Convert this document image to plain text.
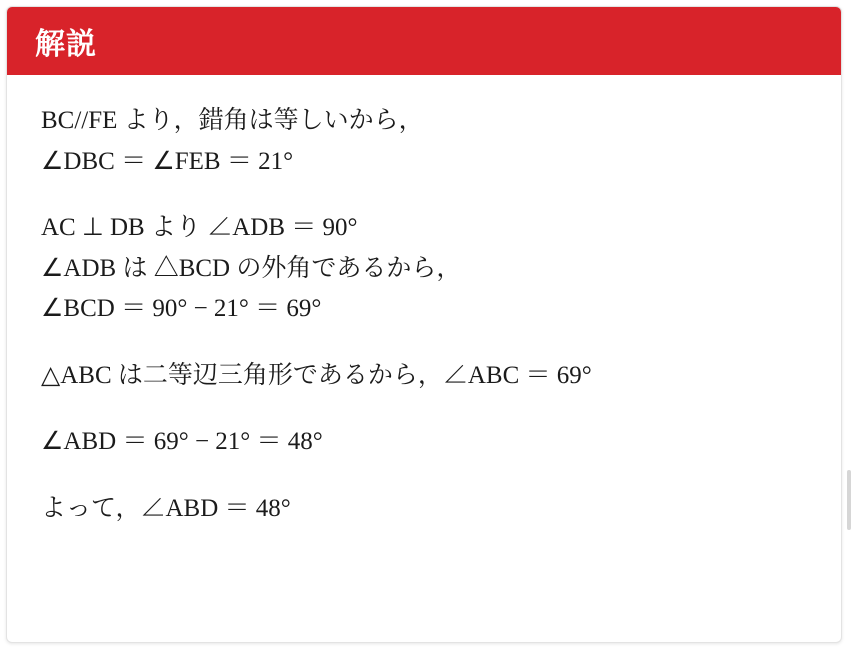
解説
BC//FE より，錯角は等しいから，
∠DBC ＝ ∠FEB ＝ 21°
AC ⊥ DB より ∠ADB ＝ 90°
∠ADB は △BCD の外角であるから，
∠BCD ＝ 90° − 21° ＝ 69°
△ABC は二等辺三角形であるから，∠ABC ＝ 69°
∠ABD ＝ 69° − 21° ＝ 48°
よって，∠ABD ＝ 48°
